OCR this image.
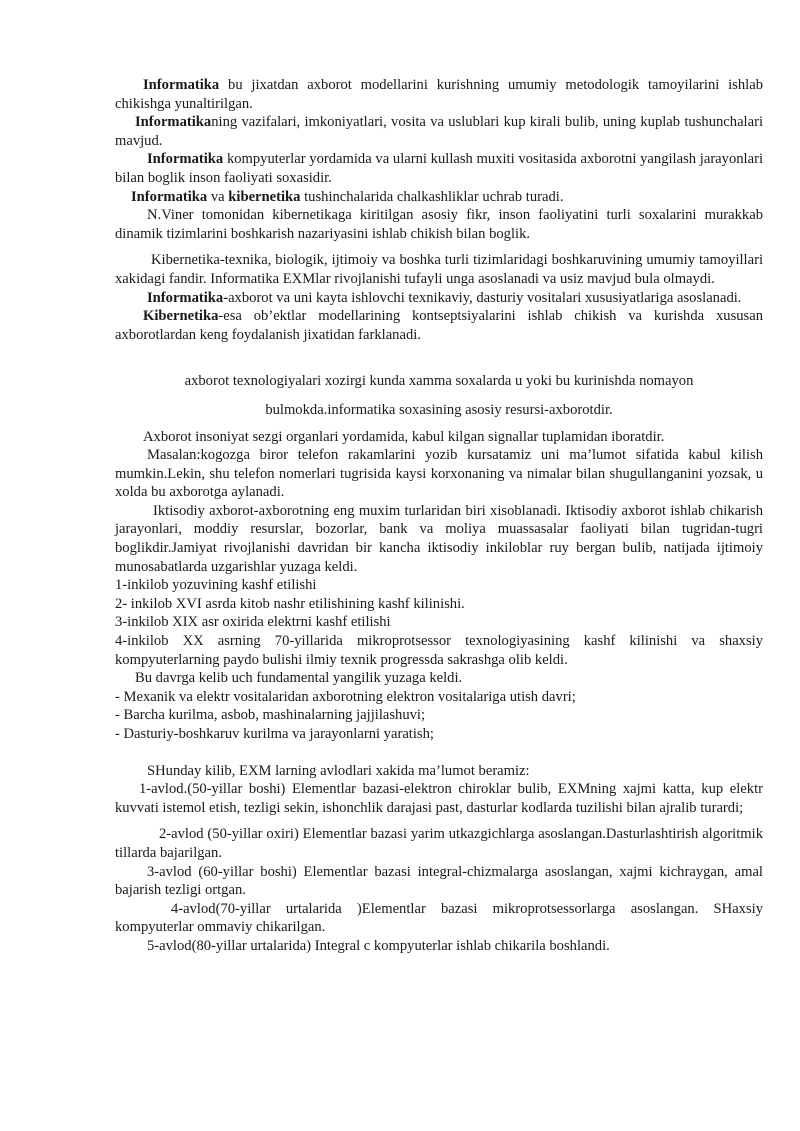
Informatika bu jixatdan axborot modellarini kurishning umumiy metodologik tamoyilarini ishlab chikishga yunaltirilgan.

Informatikaning vazifalari, imkoniyatlari, vosita va uslublari kup kirali bulib, uning kuplab tushunchalari mavjud.

Informatika kompyuterlar yordamida va ularni kullash muxiti vositasida axborotni yangilash jarayonlari bilan boglik inson faoliyati soxasidir.

Informatika va kibernetika tushinchalarida chalkashliklar uchrab turadi.

N.Viner tomonidan kibernetikaga kiritilgan asosiy fikr, inson faoliyatini turli soxalarini murakkab dinamik tizimlarini boshkarish nazariyasini ishlab chikish bilan boglik.

Kibernetika-texnika, biologik, ijtimoiy va boshka turli tizimlaridagi boshkaruvining umumiy tamoyillari xakidagi fandir. Informatika EXMlar rivojlanishi tufayli unga asoslanadi va usiz mavjud bula olmaydi.

Informatika-axborot va uni kayta ishlovchi texnikaviy, dasturiy vositalari xususiyatlariga asoslanadi.

Kibernetika-esa ob’ektlar modellarining kontseptsiyalarini ishlab chikish va kurishda xususan axborotlardan keng foydalanish jixatidan farklanadi.

axborot texnologiyalari xozirgi kunda xamma soxalarda u yoki bu kurinishda nomayon

bulmokda.informatika soxasining asosiy resursi-axborotdir.

Axborot insoniyat sezgi organlari yordamida, kabul kilgan signallar tuplamidan iboratdir.

Masalan:kogozga biror telefon rakamlarini yozib kursatamiz uni ma’lumot sifatida kabul kilish mumkin.Lekin, shu telefon nomerlari tugrisida kaysi korxonaning va nimalar bilan shugullanganini yozsak, u xolda bu axborotga aylanadi.

Iktisodiy axborot-axborotning eng muxim turlaridan biri xisoblanadi. Iktisodiy axborot ishlab chikarish jarayonlari, moddiy resurslar, bozorlar, bank va moliya muassasalar faoliyati bilan tugridan-tugri boglikdir.Jamiyat rivojlanishi davridan bir kancha iktisodiy inkiloblar ruy bergan bulib, natijada ijtimoiy munosabatlarda uzgarishlar yuzaga keldi.

1-inkilob yozuvining kashf etilishi

2- inkilob XVI asrda kitob nashr etilishining kashf kilinishi.

3-inkilob XIX asr oxirida elektrni kashf etilishi

4-inkilob XX asrning 70-yillarida mikroprotsessor texnologiyasining kashf kilinishi va shaxsiy kompyuterlarning paydo bulishi ilmiy texnik progressda sakrashga olib keldi.

Bu davrga kelib uch fundamental yangilik yuzaga keldi.

- Mexanik va elektr vositalaridan axborotning elektron vositalariga utish davri;

- Barcha kurilma, asbob, mashinalarning jajjilashuvi;

- Dasturiy-boshkaruv kurilma va jarayonlarni yaratish;

SHunday kilib, EXM larning avlodlari xakida ma’lumot beramiz:

1-avlod.(50-yillar boshi) Elementlar bazasi-elektron chiroklar bulib, EXMning xajmi katta, kup elektr kuvvati istemol etish, tezligi sekin, ishonchlik darajasi past, dasturlar kodlarda tuzilishi bilan ajralib turardi;

2-avlod (50-yillar oxiri) Elementlar bazasi yarim utkazgichlarga asoslangan.Dasturlashtirish algoritmik tillarda bajarilgan.

3-avlod (60-yillar boshi) Elementlar bazasi integral-chizmalarga asoslangan, xajmi kichraygan, amal bajarish tezligi ortgan.

4-avlod(70-yillar urtalarida )Elementlar bazasi mikroprotsessorlarga asoslangan. SHaxsiy kompyuterlar ommaviy chikarilgan.

5-avlod(80-yillar urtalarida) Integral c kompyuterlar ishlab chikarila boshlandi.
